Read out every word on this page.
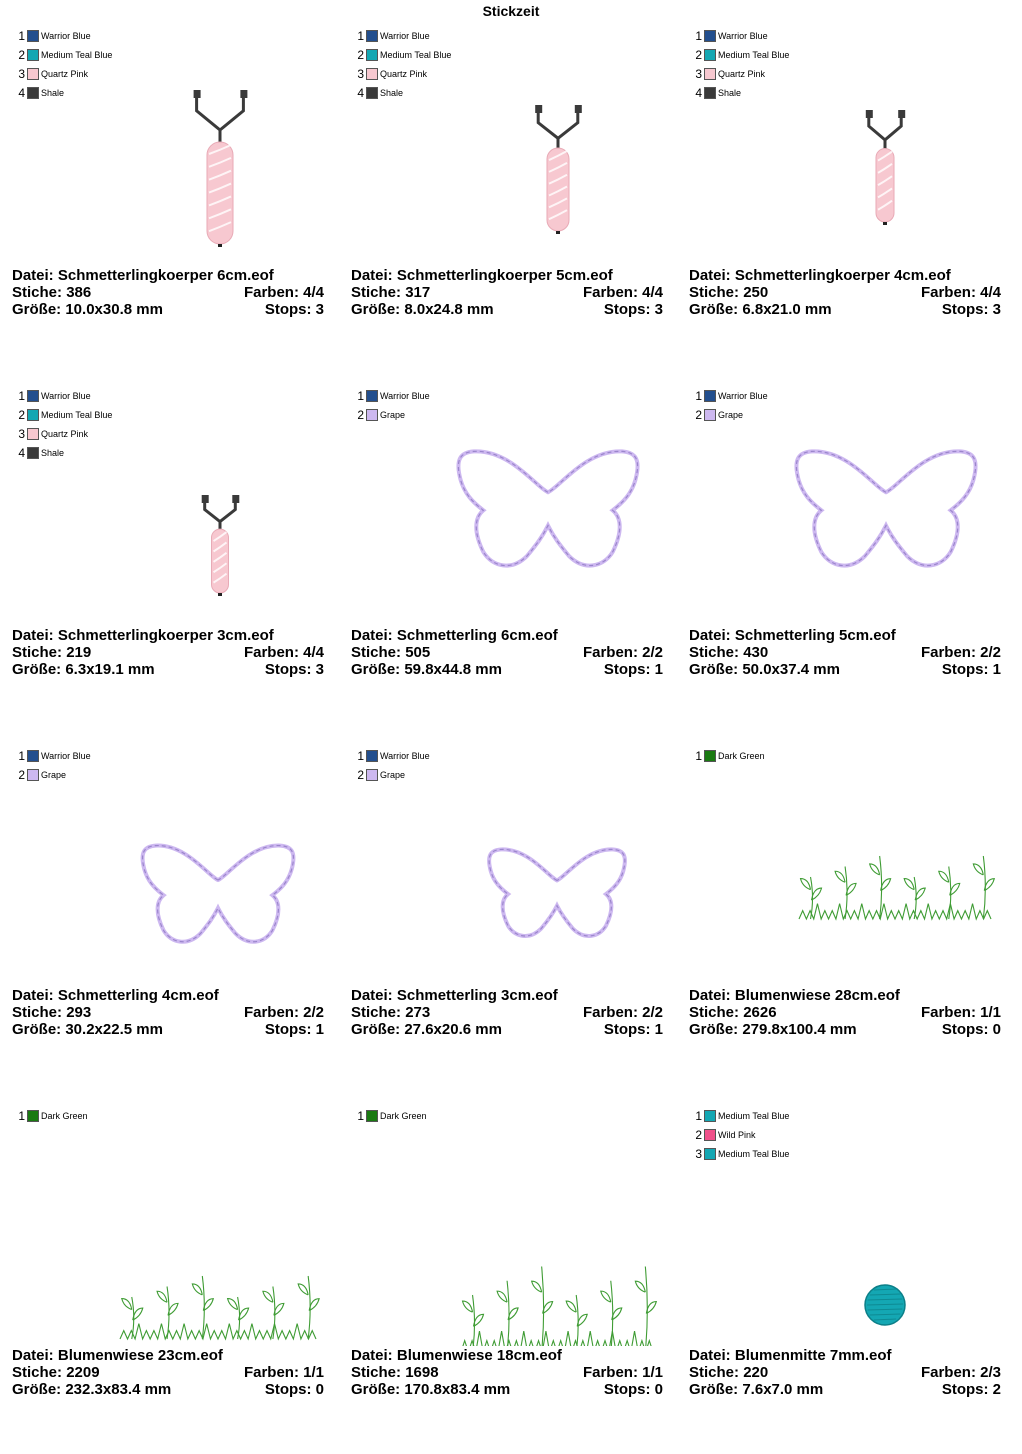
Stickzeit
1 Warrior Blue
2 Medium Teal Blue
3 Quartz Pink
4 Shale
Datei: Schmetterlingkoerper 6cm.eof
Stiche: 386	Farben: 4/4
Größe: 10.0x30.8 mm	Stops: 3
1 Warrior Blue
2 Medium Teal Blue
3 Quartz Pink
4 Shale
Datei: Schmetterlingkoerper 5cm.eof
Stiche: 317	Farben: 4/4
Größe: 8.0x24.8 mm	Stops: 3
1 Warrior Blue
2 Medium Teal Blue
3 Quartz Pink
4 Shale
Datei: Schmetterlingkoerper 4cm.eof
Stiche: 250	Farben: 4/4
Größe: 6.8x21.0 mm	Stops: 3
1 Warrior Blue
2 Medium Teal Blue
3 Quartz Pink
4 Shale
Datei: Schmetterlingkoerper 3cm.eof
Stiche: 219	Farben: 4/4
Größe: 6.3x19.1 mm	Stops: 3
1 Warrior Blue
2 Grape
Datei: Schmetterling 6cm.eof
Stiche: 505	Farben: 2/2
Größe: 59.8x44.8 mm	Stops: 1
1 Warrior Blue
2 Grape
Datei: Schmetterling 5cm.eof
Stiche: 430	Farben: 2/2
Größe: 50.0x37.4 mm	Stops: 1
1 Warrior Blue
2 Grape
Datei: Schmetterling 4cm.eof
Stiche: 293	Farben: 2/2
Größe: 30.2x22.5 mm	Stops: 1
1 Warrior Blue
2 Grape
Datei: Schmetterling 3cm.eof
Stiche: 273	Farben: 2/2
Größe: 27.6x20.6 mm	Stops: 1
1 Dark Green
Datei: Blumenwiese 28cm.eof
Stiche: 2626	Farben: 1/1
Größe: 279.8x100.4 mm	Stops: 0
1 Dark Green
Datei: Blumenwiese 23cm.eof
Stiche: 2209	Farben: 1/1
Größe: 232.3x83.4 mm	Stops: 0
1 Dark Green
Datei: Blumenwiese 18cm.eof
Stiche: 1698	Farben: 1/1
Größe: 170.8x83.4 mm	Stops: 0
1 Medium Teal Blue
2 Wild Pink
3 Medium Teal Blue
Datei: Blumenmitte 7mm.eof
Stiche: 220	Farben: 2/3
Größe: 7.6x7.0 mm	Stops: 2
